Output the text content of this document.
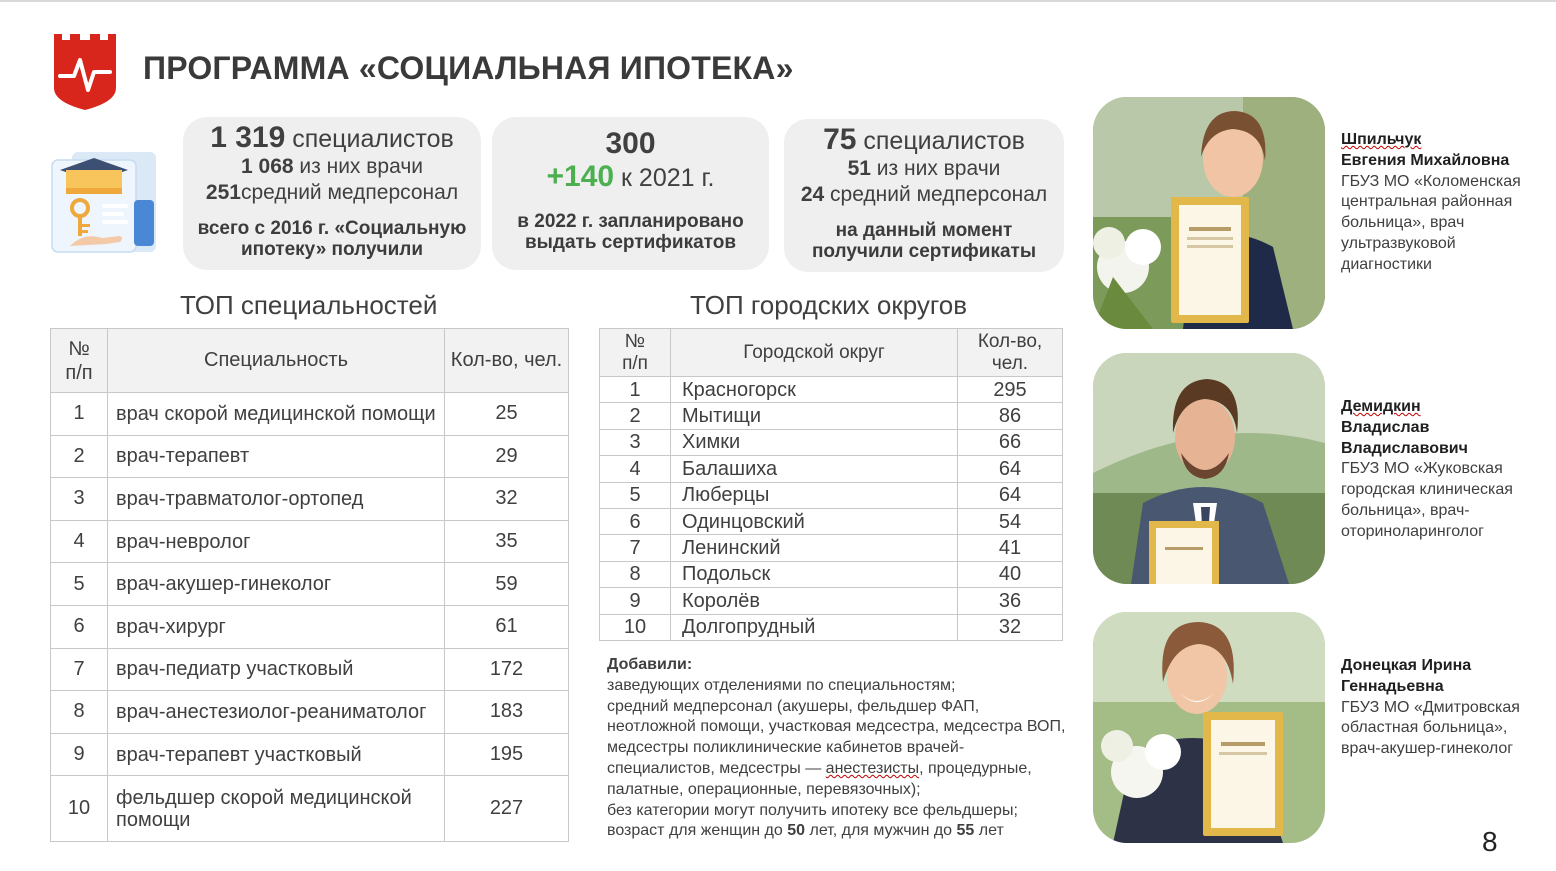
ПРОГРАММА «СОЦИАЛЬНАЯ ИПОТЕКА»
1 319 специалистов
1 068 из них врачи
251средний медперсонал
всего с 2016 г. «Социальную
ипотеку» получили
300
+140 к 2021 г.
в 2022 г. запланировано
выдать сертификатов
75 специалистов
51 из них врачи
24 средний медперсонал
на данный момент
получили сертификаты
ТОП специальностей	ТОП городских округов
№ п/п	Специальность	Кол-во, чел.
1	врач скорой медицинской помощи	25
2	врач-терапевт	29
3	врач-травматолог-ортопед	32
4	врач-невролог	35
5	врач-акушер-гинеколог	59
6	врач-хирург	61
7	врач-педиатр участковый	172
8	врач-анестезиолог-реаниматолог	183
9	врач-терапевт участковый	195
10	фельдшер скорой медицинской помощи	227
№ п/п	Городской округ	Кол-во, чел.
1	Красногорск	295
2	Мытищи	86
3	Химки	66
4	Балашиха	64
5	Люберцы	64
6	Одинцовский	54
7	Ленинский	41
8	Подольск	40
9	Королёв	36
10	Долгопрудный	32
Добавили:
заведующих отделениями по специальностям;
средний медперсонал (акушеры, фельдшер ФАП, неотложной помощи, участковая медсестра, медсестра ВОП, медсестры поликлинические кабинетов врачей-специалистов, медсестры — анестезисты, процедурные, палатные, операционные, перевязочных);
без категории могут получить ипотеку все фельдшеры;
возраст для женщин до 50 лет, для мужчин до 55 лет
Шпильчук
Евгения Михайловна
ГБУЗ МО «Коломенская центральная районная больница», врач ультразвуковой диагностики
Демидкин
Владислав
Владиславович
ГБУЗ МО «Жуковская городская клиническая больница», врач-оториноларинголог
Донецкая Ирина Геннадьевна
ГБУЗ МО «Дмитровская областная больница», врач-акушер-гинеколог
8
